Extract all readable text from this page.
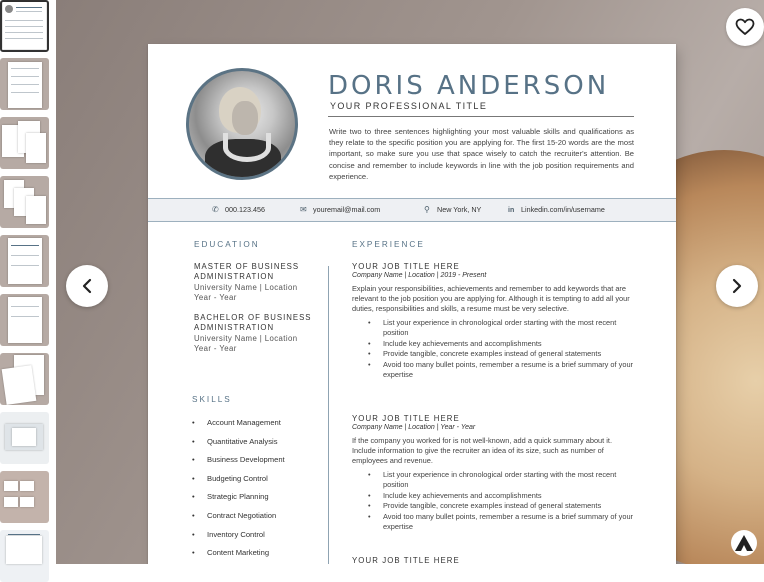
DORIS ANDERSON
YOUR PROFESSIONAL TITLE
Write two to three sentences highlighting your most valuable skills and qualifications as they relate to the specific position you are applying for. The first 15-20 words are the most important, so make sure you use that space wisely to catch the recruiter's attention. Be concise and remember to include keywords in line with the job position requirements and experience.
✆ 000.123.456	✉ youremail@mail.com	⚲ New York, NY	in Linkedin.com/in/username
EDUCATION
MASTER OF BUSINESS ADMINISTRATION
University Name | Location Year - Year
BACHELOR OF BUSINESS ADMINISTRATION
University Name | Location Year - Year
SKILLS
• Account Management
• Quantitative Analysis
• Business Development
• Budgeting Control
• Strategic Planning
• Contract Negotiation
• Inventory Control
• Content Marketing
EXPERIENCE
YOUR JOB TITLE HERE
Company Name | Location | 2019 - Present
Explain your responsibilities, achievements and remember to add keywords that are relevant to the job position you are applying for. Although it is tempting to add all your duties, responsibilities and skills, a resume must be very selective.
• List your experience in chronological order starting with the most recent position
• Include key achievements and accomplishments
• Provide tangible, concrete examples instead of general statements
• Avoid too many bullet points, remember a resume is a brief summary of your expertise
YOUR JOB TITLE HERE
Company Name | Location | Year - Year
If the company you worked for is not well-known, add a quick summary about it. Include information to give the recruiter an idea of its size, such as number of employees and revenue.
• List your experience in chronological order starting with the most recent position
• Include key achievements and accomplishments
• Provide tangible, concrete examples instead of general statements
• Avoid too many bullet points, remember a resume is a brief summary of your expertise
YOUR JOB TITLE HERE
